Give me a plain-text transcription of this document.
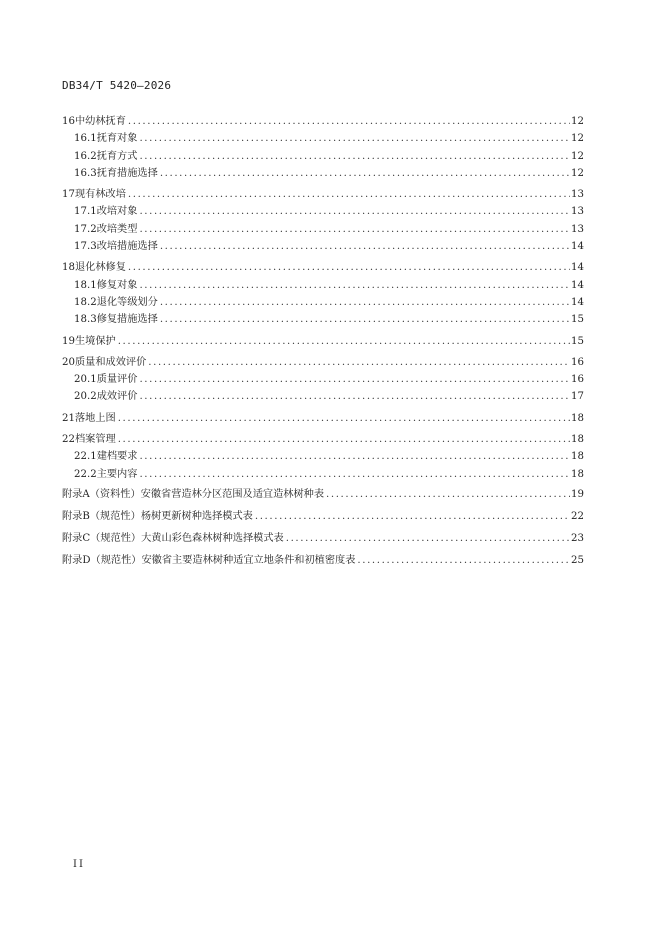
DB34/T 5420—2026
16 中幼林抚育 .....	12
16.1 抚育对象 .....	12
16.2 抚育方式 .....	12
16.3 抚育措施选择 .....	12
17 现有林改培 .....	13
17.1 改培对象 .....	13
17.2 改培类型 .....	13
17.3 改培措施选择 .....	14
18 退化林修复 .....	14
18.1 修复对象 .....	14
18.2 退化等级划分 .....	14
18.3 修复措施选择 .....	15
19 生境保护 .....	15
20 质量和成效评价 .....	16
20.1 质量评价 .....	16
20.2 成效评价 .....	17
21 落地上图 .....	18
22 档案管理 .....	18
22.1 建档要求 .....	18
22.2 主要内容 .....	18
附录A（资料性） 安徽省营造林分区范围及适宜造林树种表 .....	19
附录B（规范性） 杨树更新树种选择模式表 .....	22
附录C（规范性） 大黄山彩色森林树种选择模式表 .....	23
附录D（规范性） 安徽省主要造林树种适宜立地条件和初植密度表 .....	25
II
